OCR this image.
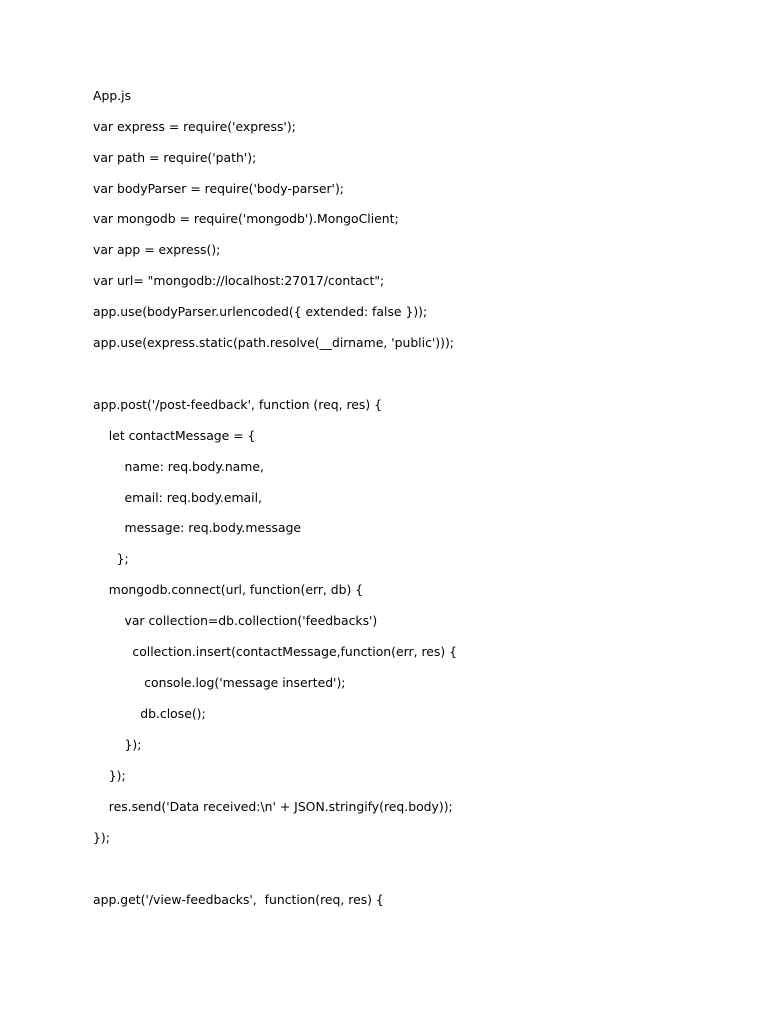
App.js
var express = require('express');
var path = require('path');
var bodyParser = require('body-parser');
var mongodb = require('mongodb').MongoClient;
var app = express();
var url= "mongodb://localhost:27017/contact";
app.use(bodyParser.urlencoded({ extended: false }));
app.use(express.static(path.resolve(__dirname, 'public')));
app.post('/post-feedback', function (req, res) {
let contactMessage = {
name: req.body.name,
email: req.body.email,
message: req.body.message
};
mongodb.connect(url, function(err, db) {
var collection=db.collection('feedbacks')
collection.insert(contactMessage,function(err, res) {
console.log('message inserted');
db.close();
});
});
res.send('Data received:\n' + JSON.stringify(req.body));
});
app.get('/view-feedbacks',  function(req, res) {
